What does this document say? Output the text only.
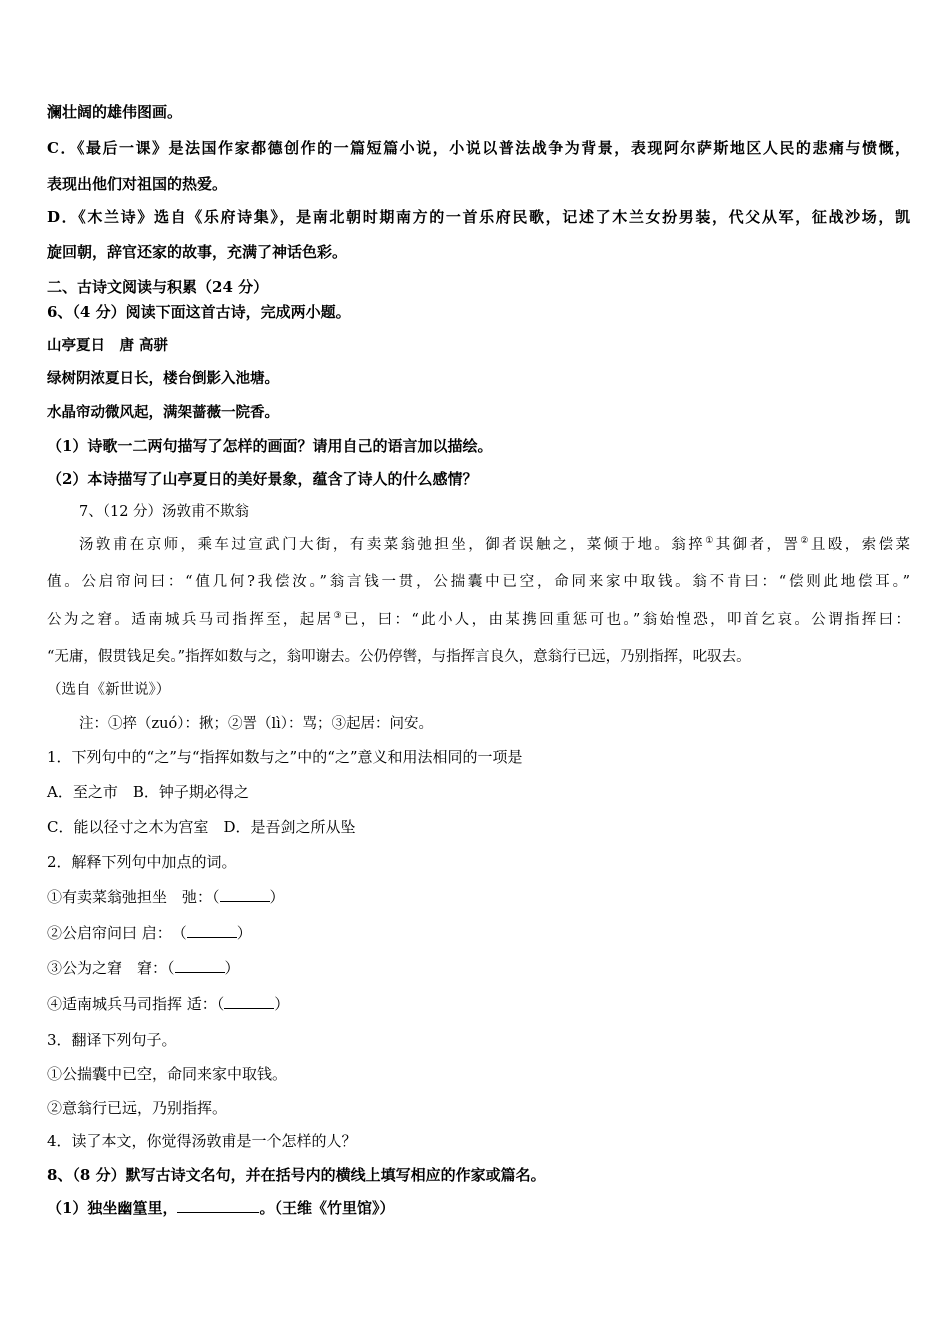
澜壮阔的雄伟图画。
C．《最后一课》是法国作家都德创作的一篇短篇小说，小说以普法战争为背景，表现阿尔萨斯地区人民的悲痛与愤慨，
表现出他们对祖国的热爱。
D．《木兰诗》选自《乐府诗集》，是南北朝时期南方的一首乐府民歌，记述了木兰女扮男装，代父从军，征战沙场，凯
旋回朝，辞官还家的故事，充满了神话色彩。
二、古诗文阅读与积累（24 分）
6、（4 分）阅读下面这首古诗，完成两小题。
山亭夏日　唐 高骈
绿树阴浓夏日长，楼台倒影入池塘。
水晶帘动微风起，满架蔷薇一院香。
（1）诗歌一二两句描写了怎样的画面？请用自己的语言加以描绘。
（2）本诗描写了山亭夏日的美好景象，蕴含了诗人的什么感情？
7、（12 分）汤敦甫不欺翁
汤敦甫在京师，乘车过宣武门大街，有卖菜翁弛担坐，御者误触之，菜倾于地。翁捽①其御者，詈②且殴，索偿菜
值。公启帘问曰：“值几何?我偿汝。”翁言钱一贯，公揣囊中已空，命同来家中取钱。翁不肯曰：“偿则此地偿耳。”
公为之窘。适南城兵马司指挥至，起居③已，曰：“此小人，由某携回重惩可也。”翁始惶恐，叩首乞哀。公谓指挥曰：
“无庸，假贯钱足矣。”指挥如数与之，翁叩谢去。公仍停辔，与指挥言良久，意翁行已远，乃别指挥，叱驭去。
（选自《新世说》）
注：①捽（zuó）：揪；②詈（lì）：骂；③起居：问安。
1．下列句中的“之”与“指挥如数与之”中的“之”意义和用法相同的一项是
A．至之市　B．钟子期必得之
C．能以径寸之木为宫室　D．是吾剑之所从坠
2．解释下列句中加点的词。
①有卖菜翁弛担坐　弛：（	）
②公启帘问曰 启：　（	）
③公为之窘　窘：（	）
④适南城兵马司指挥 适：（	）
3．翻译下列句子。
①公揣囊中已空，命同来家中取钱。
②意翁行已远，乃别指挥。
4．读了本文，你觉得汤敦甫是一个怎样的人？
8、（8 分）默写古诗文名句，并在括号内的横线上填写相应的作家或篇名。
（1）独坐幽篁里，	。（王维《竹里馆》）
